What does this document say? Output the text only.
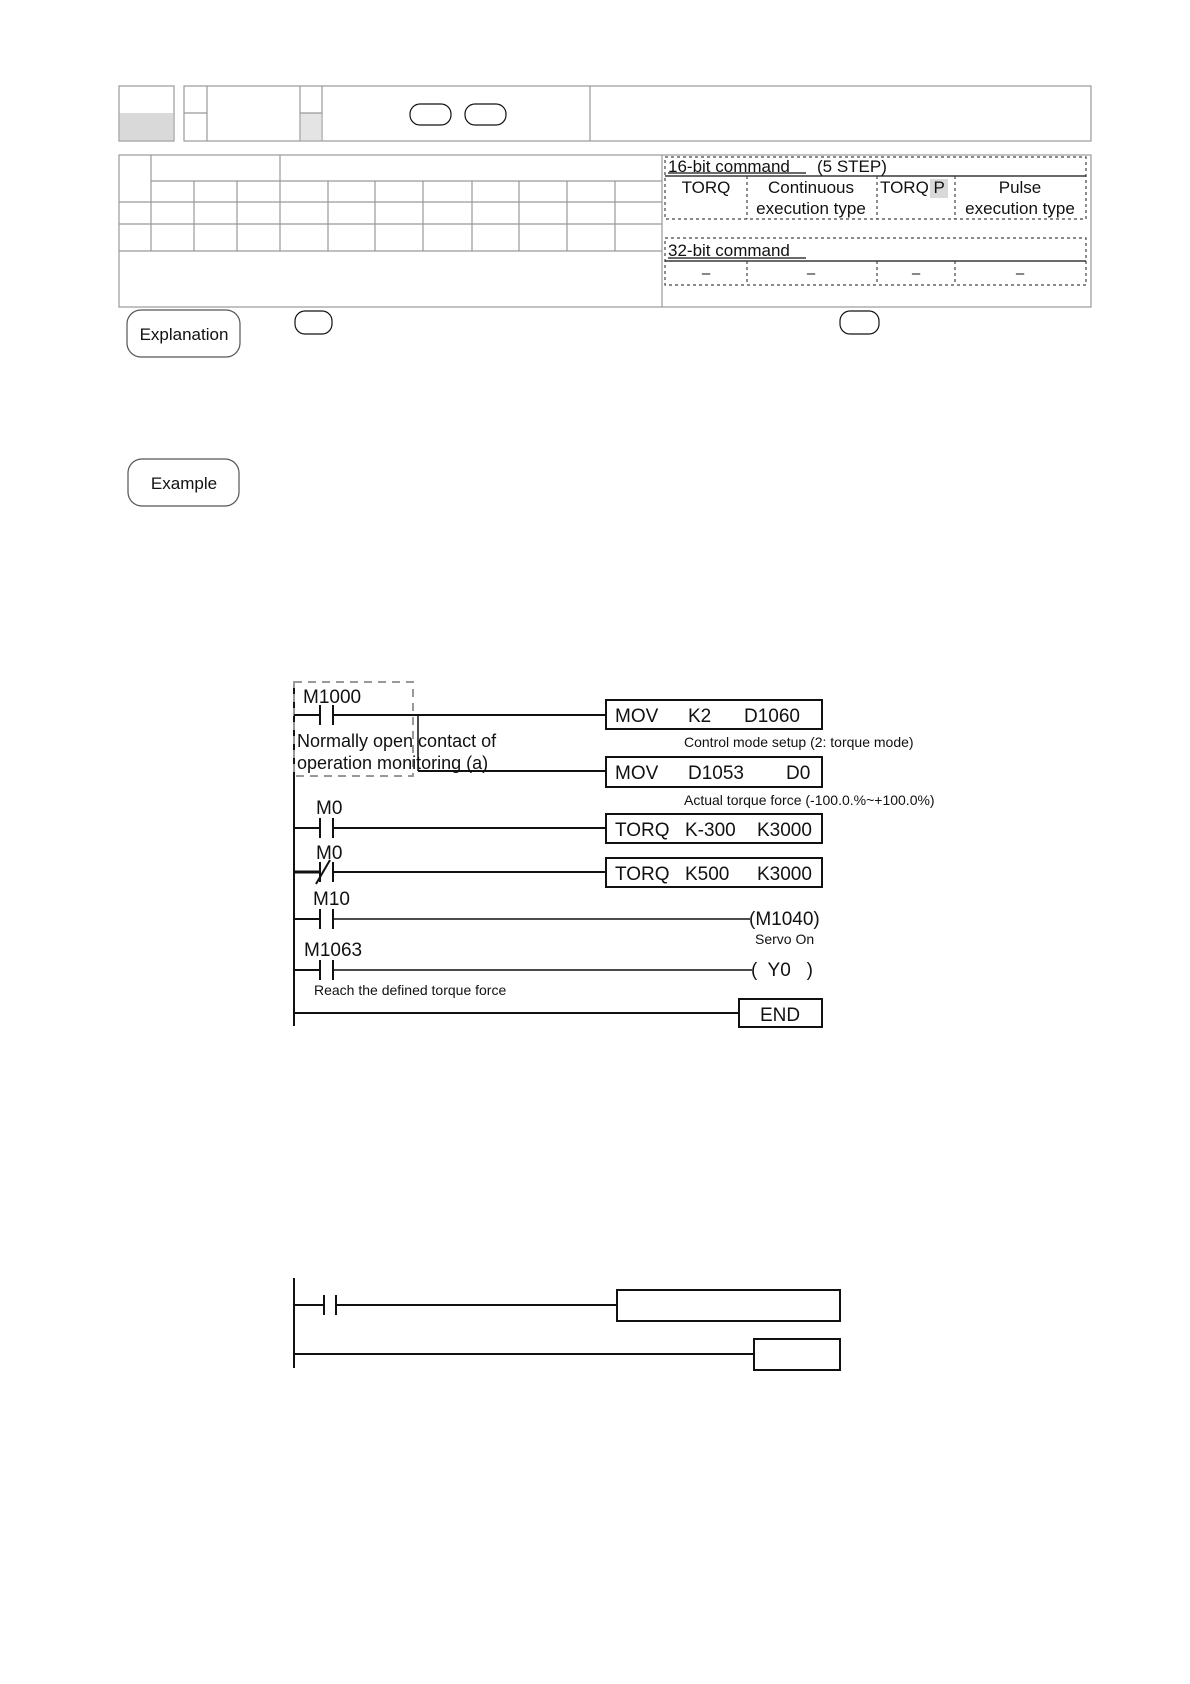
16-bit command (5 STEP)
TORQ Continuous
execution type
TORQ P	Pulse
execution type
32-bit command
–	–	–	–
Explanation
Example
M1000
Normally open contact of
operation monitoring (a)
MOV K2 D1060
Control mode setup (2: torque mode)
MOV D1053 D0
Actual torque force (-100.0.%~+100.0%)
M0
TORQ K-300 K3000
M0
TORQ K500 K3000
M10
(M1040)
Servo On
M1063
(  Y0   )
Reach the defined torque force
END
